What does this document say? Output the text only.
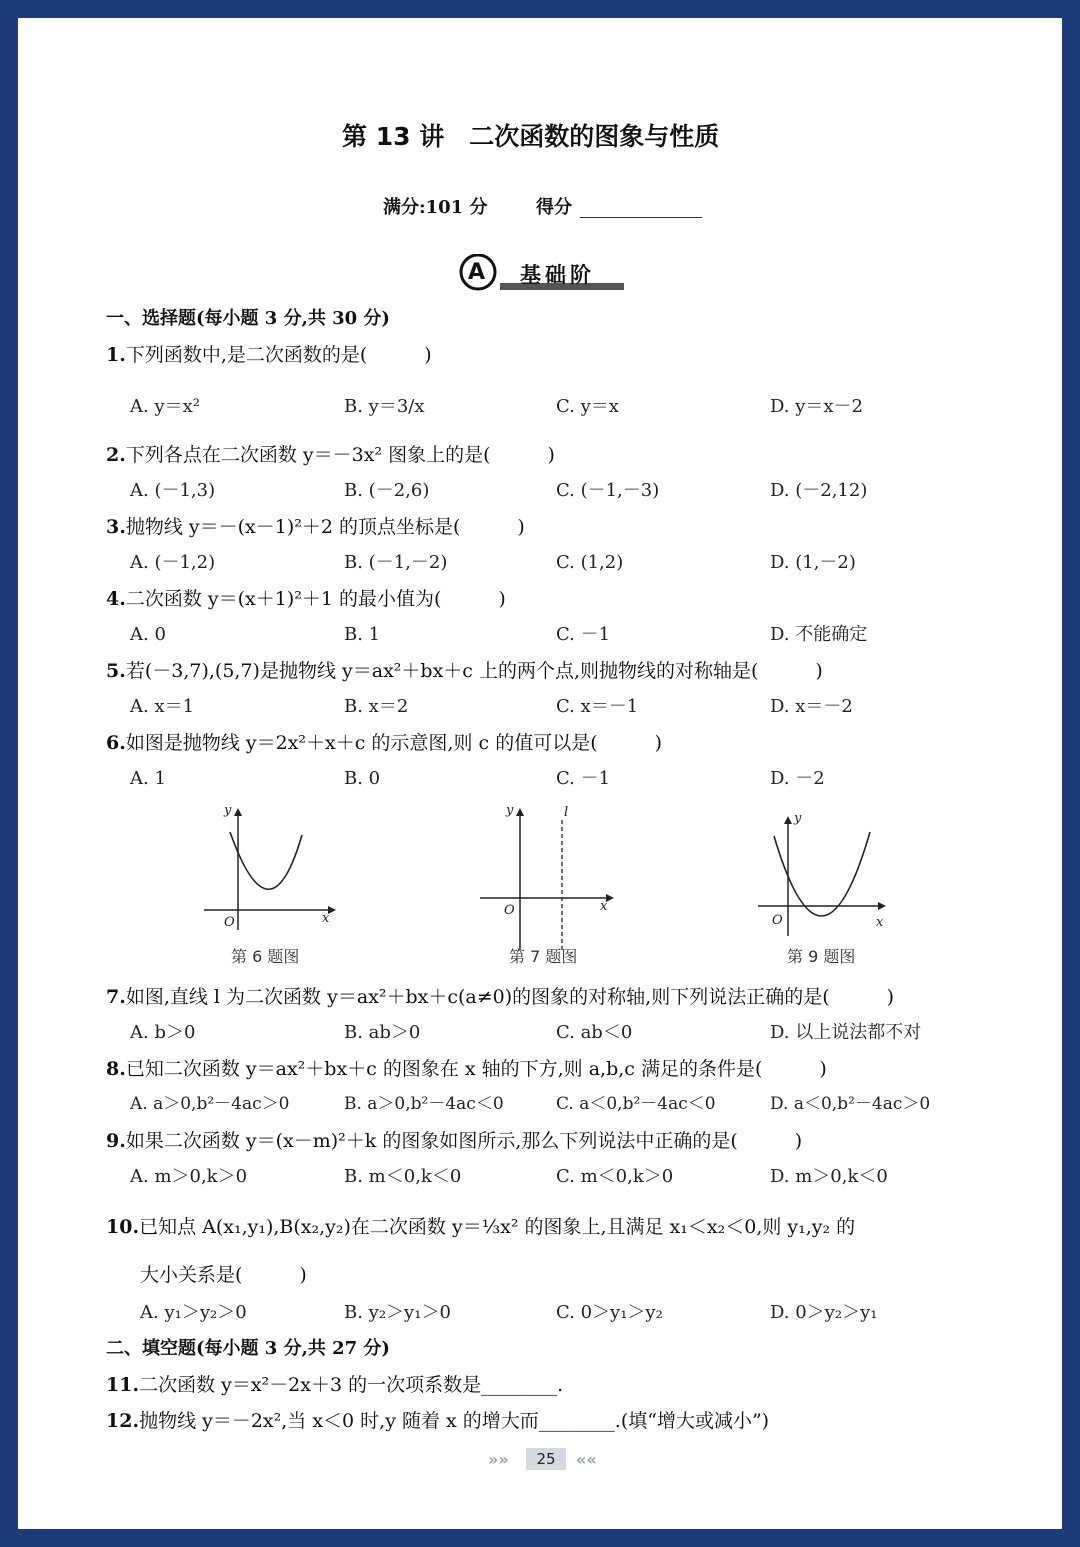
第 13 讲　二次函数的图象与性质
满分:101 分	得分
A 基础阶
一、选择题(每小题 3 分,共 30 分)
1.下列函数中,是二次函数的是(　　　)
A. y＝x²	B. y＝3/x	C. y＝x	D. y＝x－2
2.下列各点在二次函数 y＝－3x² 图象上的是(　　　)
A. (－1,3)	B. (－2,6)	C. (－1,－3)	D. (－2,12)
3.抛物线 y＝－(x－1)²＋2 的顶点坐标是(　　　)
A. (－1,2)	B. (－1,－2)	C. (1,2)	D. (1,－2)
4.二次函数 y＝(x＋1)²＋1 的最小值为(　　　)
A. 0	B. 1	C. －1	D. 不能确定
5.若(－3,7),(5,7)是抛物线 y＝ax²＋bx＋c 上的两个点,则抛物线的对称轴是(　　　)
A. x＝1	B. x＝2	C. x＝－1	D. x＝－2
6.如图是抛物线 y＝2x²＋x＋c 的示意图,则 c 的值可以是(　　　)
A. 1	B. 0	C. －1	D. －2
y
x
O
第 6 题图
y	l
x
O
第 7 题图
y
x
O
第 9 题图
7.如图,直线 l 为二次函数 y＝ax²＋bx＋c(a≠0)的图象的对称轴,则下列说法正确的是(　　　)
A. b＞0	B. ab＞0	C. ab＜0	D. 以上说法都不对
8.已知二次函数 y＝ax²＋bx＋c 的图象在 x 轴的下方,则 a,b,c 满足的条件是(　　　)
A. a＞0,b²－4ac＞0	B. a＞0,b²－4ac＜0	C. a＜0,b²－4ac＜0	D. a＜0,b²－4ac＞0
9.如果二次函数 y＝(x－m)²＋k 的图象如图所示,那么下列说法中正确的是(　　　)
A. m＞0,k＞0	B. m＜0,k＜0	C. m＜0,k＞0	D. m＞0,k＜0
10.已知点 A(x₁,y₁),B(x₂,y₂)在二次函数 y＝⅓x² 的图象上,且满足 x₁＜x₂＜0,则 y₁,y₂ 的
大小关系是(　　　)
A. y₁＞y₂＞0	B. y₂＞y₁＞0	C. 0＞y₁＞y₂	D. 0＞y₂＞y₁
二、填空题(每小题 3 分,共 27 分)
11.二次函数 y＝x²－2x＋3 的一次项系数是________.
12.抛物线 y＝－2x²,当 x＜0 时,y 随着 x 的增大而________.(填“增大或减小”)
»»	25	««
